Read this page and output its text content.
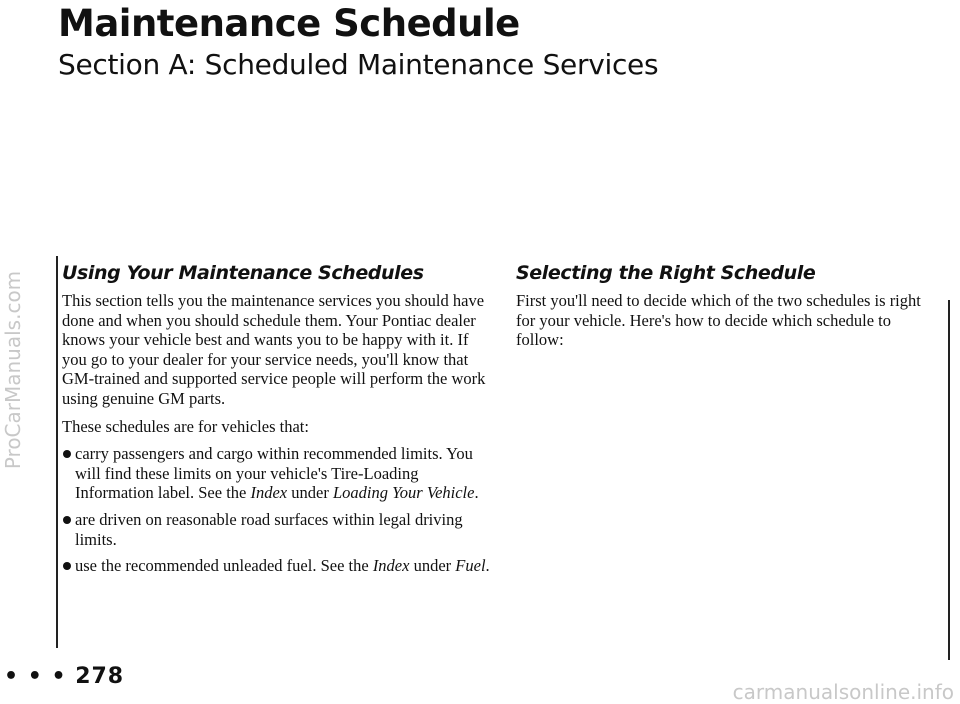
Maintenance Schedule
Section A: Scheduled Maintenance Services
ProCarManuals.com Using Your Maintenance Schedules

This section tells you the maintenance services you should have done and when you should schedule them. Your Pontiac dealer knows your vehicle best and wants you to be happy with it. If you go to your dealer for your service needs, you'll know that GM-trained and supported service people will perform the work using genuine GM parts.

These schedules are for vehicles that:

carry passengers and cargo within recommended limits. You will find these limits on your vehicle's Tire-Loading Information label. See the Index under Loading Your Vehicle.
are driven on reasonable road surfaces within legal driving limits.
use the recommended unleaded fuel. See the Index under Fuel.
Selecting the Right Schedule

First you'll need to decide which of the two schedules is right for your vehicle. Here's how to decide which schedule to follow:

• • • 278
carmanualsonline.info
